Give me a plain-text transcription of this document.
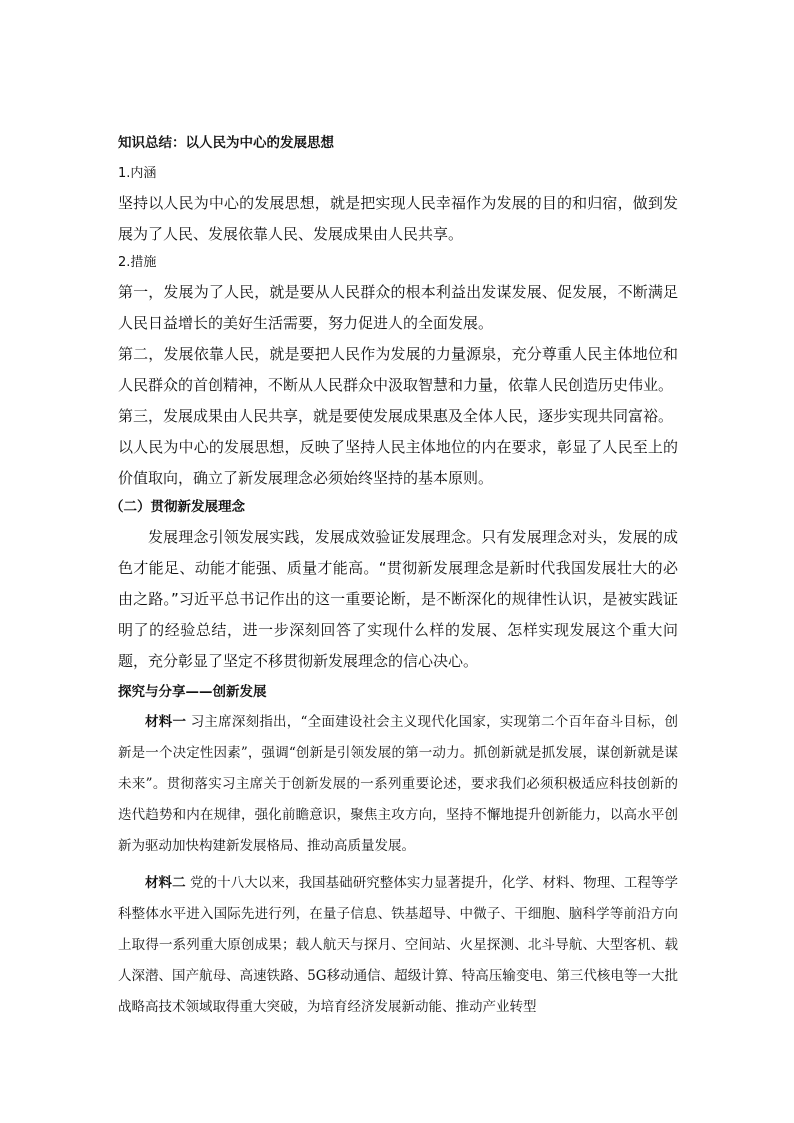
知识总结：以人民为中心的发展思想

1.内涵

坚持以人民为中心的发展思想，就是把实现人民幸福作为发展的目的和归宿，做到发展为了人民、发展依靠人民、发展成果由人民共享。

2.措施

第一，发展为了人民，就是要从人民群众的根本利益出发谋发展、促发展，不断满足人民日益增长的美好生活需要，努力促进人的全面发展。

第二，发展依靠人民，就是要把人民作为发展的力量源泉，充分尊重人民主体地位和人民群众的首创精神，不断从人民群众中汲取智慧和力量，依靠人民创造历史伟业。

第三，发展成果由人民共享，就是要使发展成果惠及全体人民，逐步实现共同富裕。

以人民为中心的发展思想，反映了坚持人民主体地位的内在要求，彰显了人民至上的价值取向，确立了新发展理念必须始终坚持的基本原则。

（二）贯彻新发展理念

发展理念引领发展实践，发展成效验证发展理念。只有发展理念对头，发展的成色才能足、动能才能强、质量才能高。“贯彻新发展理念是新时代我国发展壮大的必由之路。”习近平总书记作出的这一重要论断，是不断深化的规律性认识，是被实践证明了的经验总结，进一步深刻回答了实现什么样的发展、怎样实现发展这个重大问题，充分彰显了坚定不移贯彻新发展理念的信心决心。

探究与分享——创新发展

材料一 习主席深刻指出，“全面建设社会主义现代化国家，实现第二个百年奋斗目标，创新是一个决定性因素”，强调“创新是引领发展的第一动力。抓创新就是抓发展，谋创新就是谋未来”。贯彻落实习主席关于创新发展的一系列重要论述，要求我们必须积极适应科技创新的迭代趋势和内在规律，强化前瞻意识，聚焦主攻方向，坚持不懈地提升创新能力，以高水平创新为驱动加快构建新发展格局、推动高质量发展。

材料二 党的十八大以来，我国基础研究整体实力显著提升，化学、材料、物理、工程等学科整体水平进入国际先进行列，在量子信息、铁基超导、中微子、干细胞、脑科学等前沿方向上取得一系列重大原创成果；载人航天与探月、空间站、火星探测、北斗导航、大型客机、载人深潜、国产航母、高速铁路、5G移动通信、超级计算、特高压输变电、第三代核电等一大批战略高技术领域取得重大突破，为培育经济发展新动能、推动产业转型
